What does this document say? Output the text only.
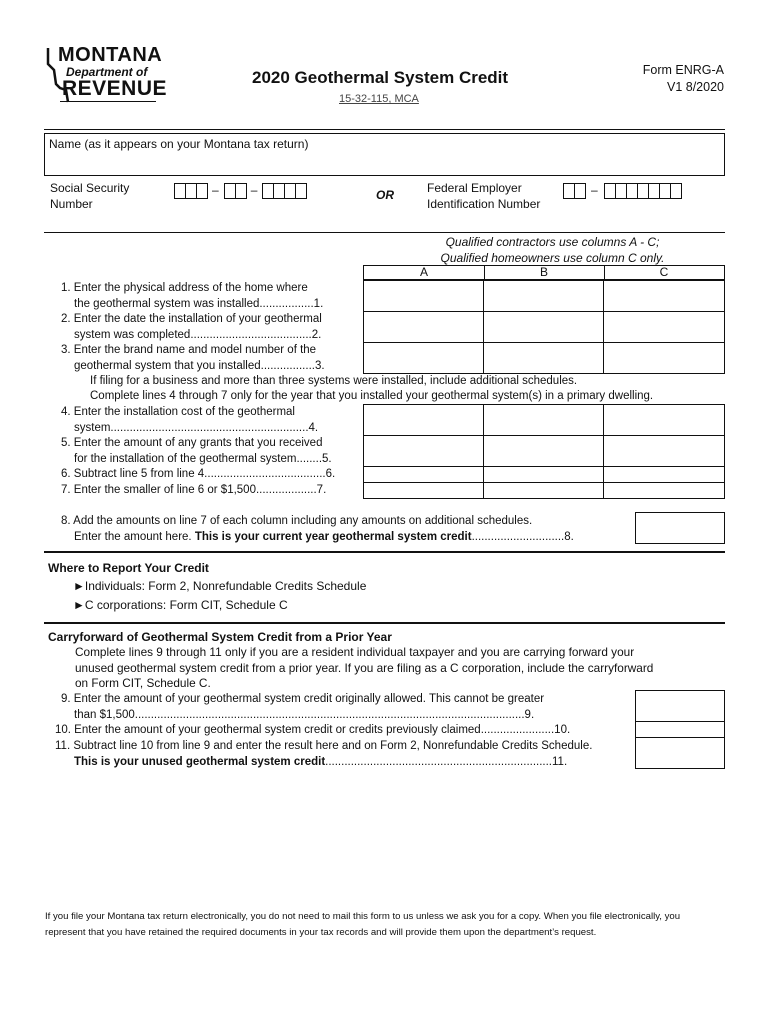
MONTANA
Department of
REVENUE	2020 Geothermal System Credit
15-32-115, MCA
Form ENRG-A
V1 8/2020
Name (as it appears on your Montana tax return)
Social Security
Number
–	–	OR	Federal Employer
Identification Number
–
Qualified contractors use columns A - C;
Qualified homeowners use column C only.
A	B	C
1. Enter the physical address of the home where
the geothermal system was installed.................1.
2. Enter the date the installation of your geothermal
system was completed......................................2.
3. Enter the brand name and model number of the
geothermal system that you installed.................3.
If filing for a business and more than three systems were installed, include additional schedules.
Complete lines 4 through 7 only for the year that you installed your geothermal system(s) in a primary dwelling.
4. Enter the installation cost of the geothermal
system..............................................................4.
5. Enter the amount of any grants that you received
for the installation of the geothermal system........5.
6. Subtract line 5 from line 4......................................6.
7. Enter the smaller of line 6 or $1,500...................7.
8. Add the amounts on line 7 of each column including any amounts on additional schedules.
Enter the amount here. This is your current year geothermal system credit.............................8.
Where to Report Your Credit
►Individuals: Form 2, Nonrefundable Credits Schedule
►C corporations: Form CIT, Schedule C
Carryforward of Geothermal System Credit from a Prior Year
Complete lines 9 through 11 only if you are a resident individual taxpayer and you are carrying forward your
unused geothermal system credit from a prior year. If you are filing as a C corporation, include the carryforward
on Form CIT, Schedule C.
9. Enter the amount of your geothermal system credit originally allowed. This cannot be greater
than $1,500..........................................................................................................................9.
10. Enter the amount of your geothermal system credit or credits previously claimed.......................10.
11. Subtract line 10 from line 9 and enter the result here and on Form 2, Nonrefundable Credits Schedule.
This is your unused geothermal system credit.......................................................................11.
If you file your Montana tax return electronically, you do not need to mail this form to us unless we ask you for a copy. When you file electronically, you
represent that you have retained the required documents in your tax records and will provide them upon the department’s request.
